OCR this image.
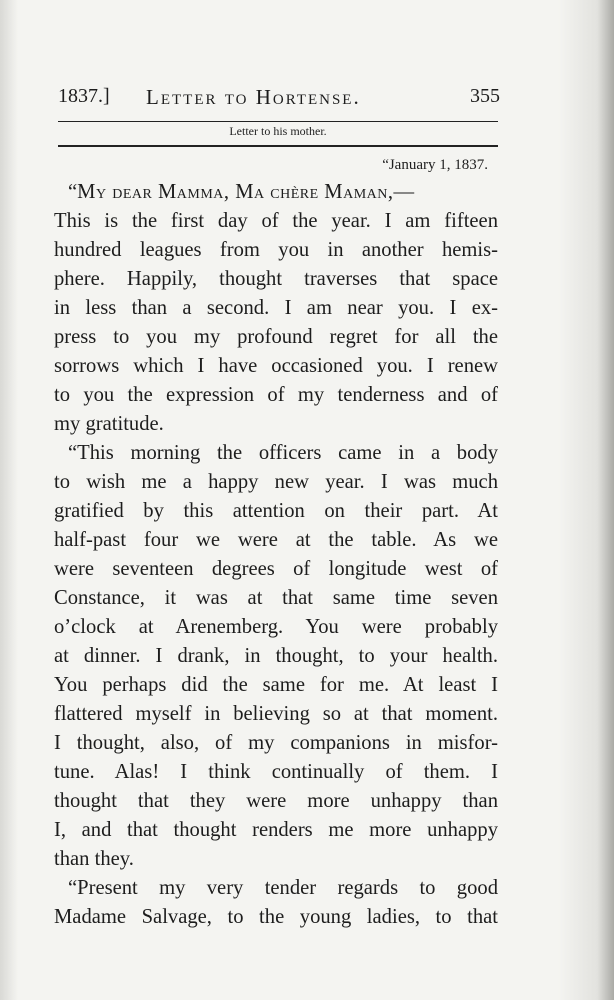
1837.] Letter to Hortense.	355
Letter to his mother.
“January 1, 1837.
“My dear Mamma, Ma chère Maman,—
This is the first day of the year. I am fifteen
hundred leagues from you in another hemis-
phere. Happily, thought traverses that space
in less than a second. I am near you. I ex-
press to you my profound regret for all the
sorrows which I have occasioned you. I renew
to you the expression of my tenderness and of
my gratitude.
“This morning the officers came in a body
to wish me a happy new year. I was much
gratified by this attention on their part. At
half-past four we were at the table. As we
were seventeen degrees of longitude west of
Constance, it was at that same time seven
o’clock at Arenemberg. You were probably
at dinner. I drank, in thought, to your health.
You perhaps did the same for me. At least I
flattered myself in believing so at that moment.
I thought, also, of my companions in misfor-
tune. Alas! I think continually of them. I
thought that they were more unhappy than
I, and that thought renders me more unhappy
than they.
“Present my very tender regards to good
Madame Salvage, to the young ladies, to that
